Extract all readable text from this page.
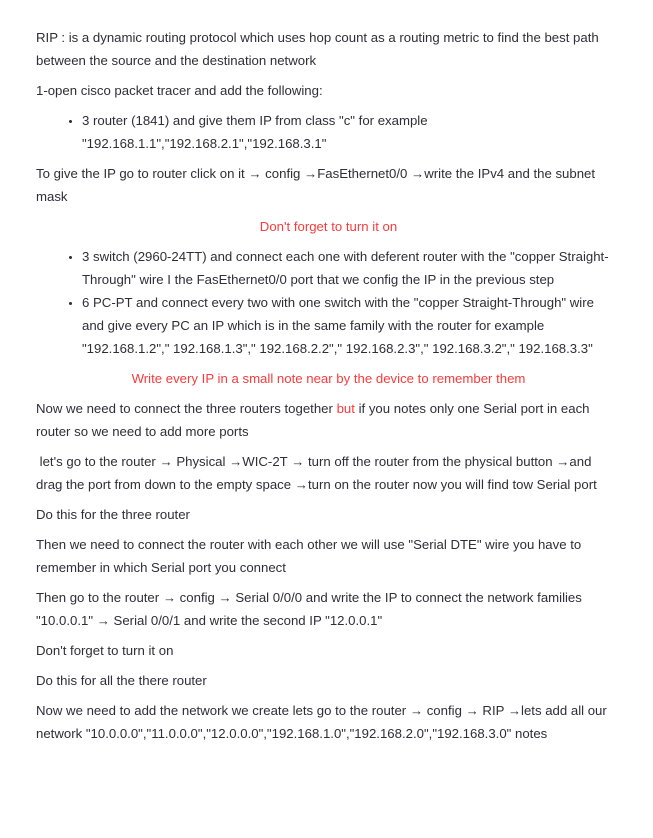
RIP : is a dynamic routing protocol which uses hop count as a routing metric to find the best path between the source and the destination network

1-open cisco packet tracer and add the following:

• 3 router (1841) and give them IP from class "c" for example "192.168.1.1","192.168.2.1","192.168.3.1"

To give the IP go to router click on it → config →FasEthernet0/0 →write the IPv4 and the subnet mask

Don't forget to turn it on

• 3 switch (2960-24TT) and connect each one with deferent router with the "copper Straight-Through" wire I the FasEthernet0/0 port that we config the IP in the previous step
• 6 PC-PT and connect every two with one switch with the "copper Straight-Through" wire and give every PC an IP which is in the same family with the router for example "192.168.1.2"," 192.168.1.3"," 192.168.2.2"," 192.168.2.3"," 192.168.3.2"," 192.168.3.3"

Write every IP in a small note near by the device to remember them

Now we need to connect the three routers together but if you notes only one Serial port in each router so we need to add more ports

let's go to the router → Physical →WIC-2T → turn off the router from the physical button →and drag the port from down to the empty space →turn on the router now you will find tow Serial port

Do this for the three router

Then we need to connect the router with each other we will use "Serial DTE" wire you have to remember in which Serial port you connect

Then go to the router → config → Serial 0/0/0 and write the IP to connect the network families "10.0.0.1" → Serial 0/0/1 and write the second IP "12.0.0.1"

Don't forget to turn it on

Do this for all the there router

Now we need to add the network we create lets go to the router → config → RIP →lets add all our network "10.0.0.0","11.0.0.0","12.0.0.0","192.168.1.0","192.168.2.0","192.168.3.0" notes
